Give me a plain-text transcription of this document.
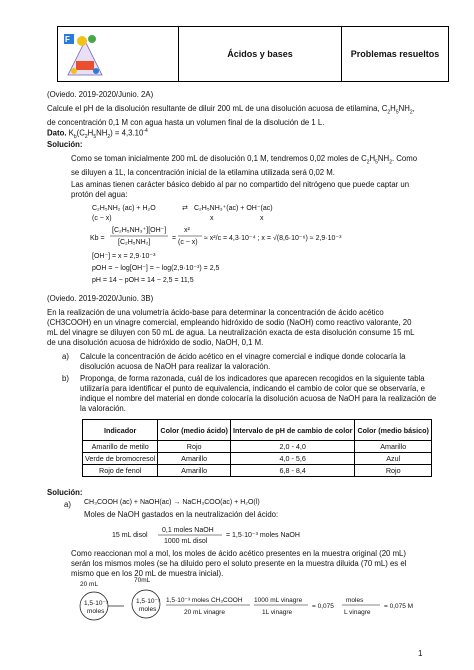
F
	Ácidos y bases	Problemas resueltos
(Oviedo. 2019-2020/Junio. 2A)
Calcule el pH de la disolución resultante de diluir 200 mL de una disolución acuosa de etilamina, $C_2H_5NH_2$,
de concentración 0,1 M con agua hasta un volumen final de la disolución de 1 L.
Dato. $K_b(C_2H_5NH_2) = 4,3.10^{-4}$
Solución:
Como se toman inicialmente 200 mL de disolución 0,1 M, tendremos 0,02 moles de $C_2H_5NH_2$. Como
se diluyen a 1L, la concentración inicial de la etilamina utilizada será 0,02 M.
Las aminas tienen carácter básico debido al par no compartido del nitrógeno que puede captar un
protón del agua:
C₂H₅NH₂ (ac) + H₂O	⇄ C₂H₅NH₃⁺(ac) + OH⁻(ac)
(c − x)	x	x
Kb =
[C₂H₅NH₃⁺][OH⁻]
[C₂H₅NH₂]
=
x²
(c − x)
≈ x²/c = 4,3·10⁻⁴ ; x = √(8,6·10⁻⁶) ≈ 2,9·10⁻³
[OH⁻] = x = 2,9·10⁻³
pOH = − log[OH⁻] = − log(2,9·10⁻³) = 2,5
pH = 14 − pOH = 14 − 2,5 = 11,5
(Oviedo. 2019-2020/Junio. 3B)
En la realización de una volumetría ácido-base para determinar la concentración de ácido acético
(CH3COOH) en un vinagre comercial, empleando hidróxido de sodio (NaOH) como reactivo valorante, 20
mL del vinagre se diluyen con 50 mL de agua. La neutralización exacta de esta disolución consume 15 mL
de una disolución acuosa de hidróxido de sodio, NaOH, 0,1 M.
a) Calcule la concentración de ácido acético en el vinagre comercial e indique donde colocaría la
disolución acuosa de NaOH para realizar la valoración.
b) Proponga, de forma razonada, cuál de los indicadores que aparecen recogidos en la siguiente tabla
utilizaría para identificar el punto de equivalencia, indicando el cambio de color que se observaría, e
indique el nombre del material en donde colocaría la disolución acuosa de NaOH para la realización de
la valoración.
Indicador	Color (medio ácido)	Intervalo de pH de cambio de color	Color (medio básico)
Amarillo de metilo	Rojo	2,0 - 4,0	Amarillo
Verde de bromocresol	Amarillo	4,0 - 5,6	Azul
Rojo de fenol	Amarillo	6,8 - 8,4	Rojo
Solución:
a) CH₃COOH (ac) + NaOH(ac) → NaCH₃COO(ac) + H₂O(l)
Moles de NaOH gastados en la neutralización del ácido:
15 mL disol
0,1 moles NaOH
1000 mL disol
= 1,5·10⁻³ moles NaOH
Como reaccionan mol a mol, los moles de ácido acético presentes en la muestra original (20 mL)
serán los mismos moles (se ha diluido pero el soluto presente en la muestra diluida (70 mL) es el
mismo que en los 20 mL de muestra inicial).
20 mL
1,5·10⁻³
moles
70mL
1,5·10⁻³
moles
1,5·10⁻³ moles CH₃COOH
20 mL vinagre
1000 mL vinagre
1L vinagre
= 0,075
moles
L vinagre
= 0,075 M
1
